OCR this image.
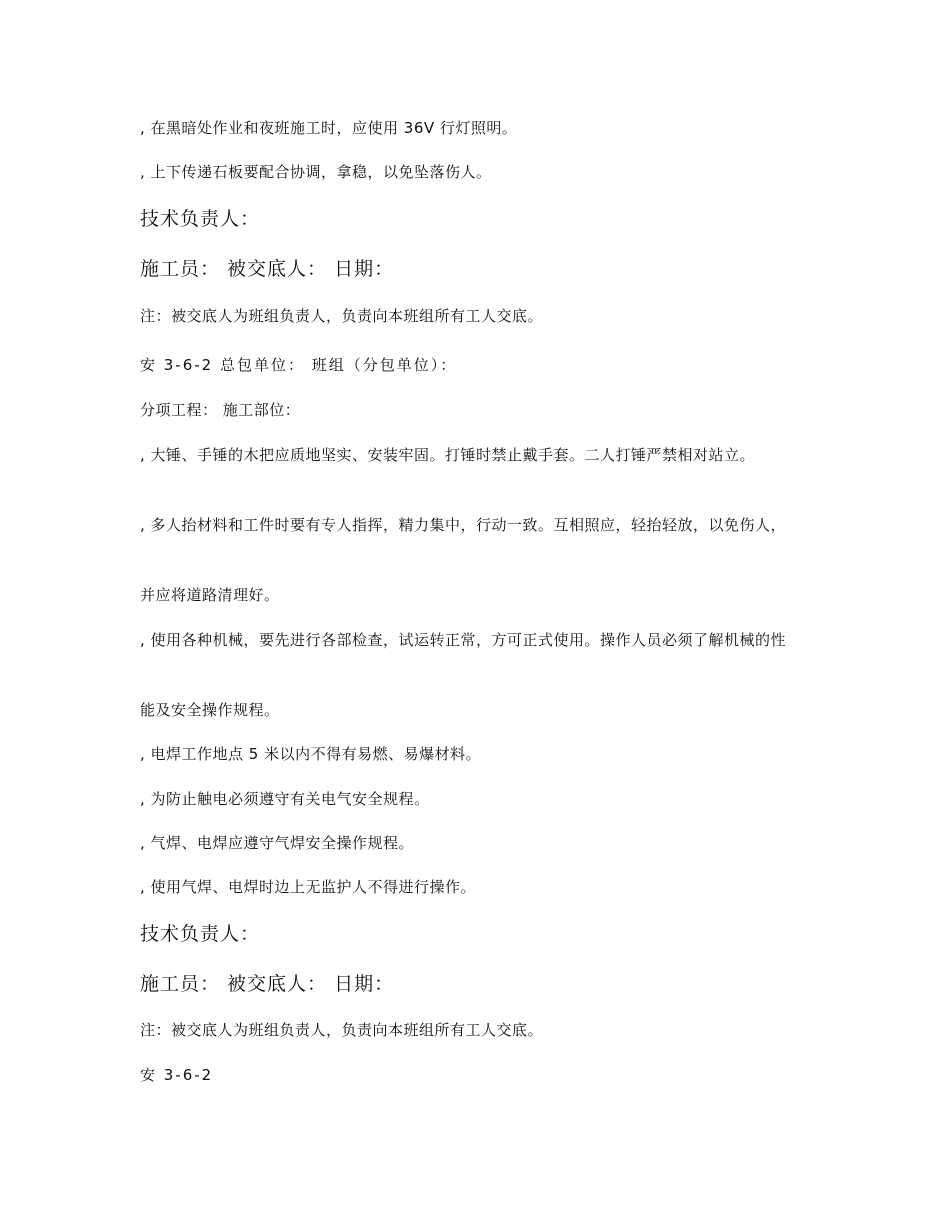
, 在黑暗处作业和夜班施工时，应使用 36V 行灯照明。

, 上下传递石板要配合协调，拿稳，以免坠落伤人。

技术负责人：

施工员： 被交底人： 日期：

注：被交底人为班组负责人，负责向本班组所有工人交底。

安 3-6-2 总包单位： 班组（分包单位）：

分项工程： 施工部位：

, 大锤、手锤的木把应质地坚实、安装牢固。打锤时禁止戴手套。二人打锤严禁相对站立。

, 多人抬材料和工件时要有专人指挥，精力集中，行动一致。互相照应，轻抬轻放，以免伤人，

并应将道路清理好。

, 使用各种机械，要先进行各部检查，试运转正常，方可正式使用。操作人员必须了解机械的性

能及安全操作规程。

, 电焊工作地点 5 米以内不得有易燃、易爆材料。

, 为防止触电必须遵守有关电气安全规程。

, 气焊、电焊应遵守气焊安全操作规程。

, 使用气焊、电焊时边上无监护人不得进行操作。

技术负责人：

施工员： 被交底人： 日期：

注：被交底人为班组负责人，负责向本班组所有工人交底。

安 3-6-2
